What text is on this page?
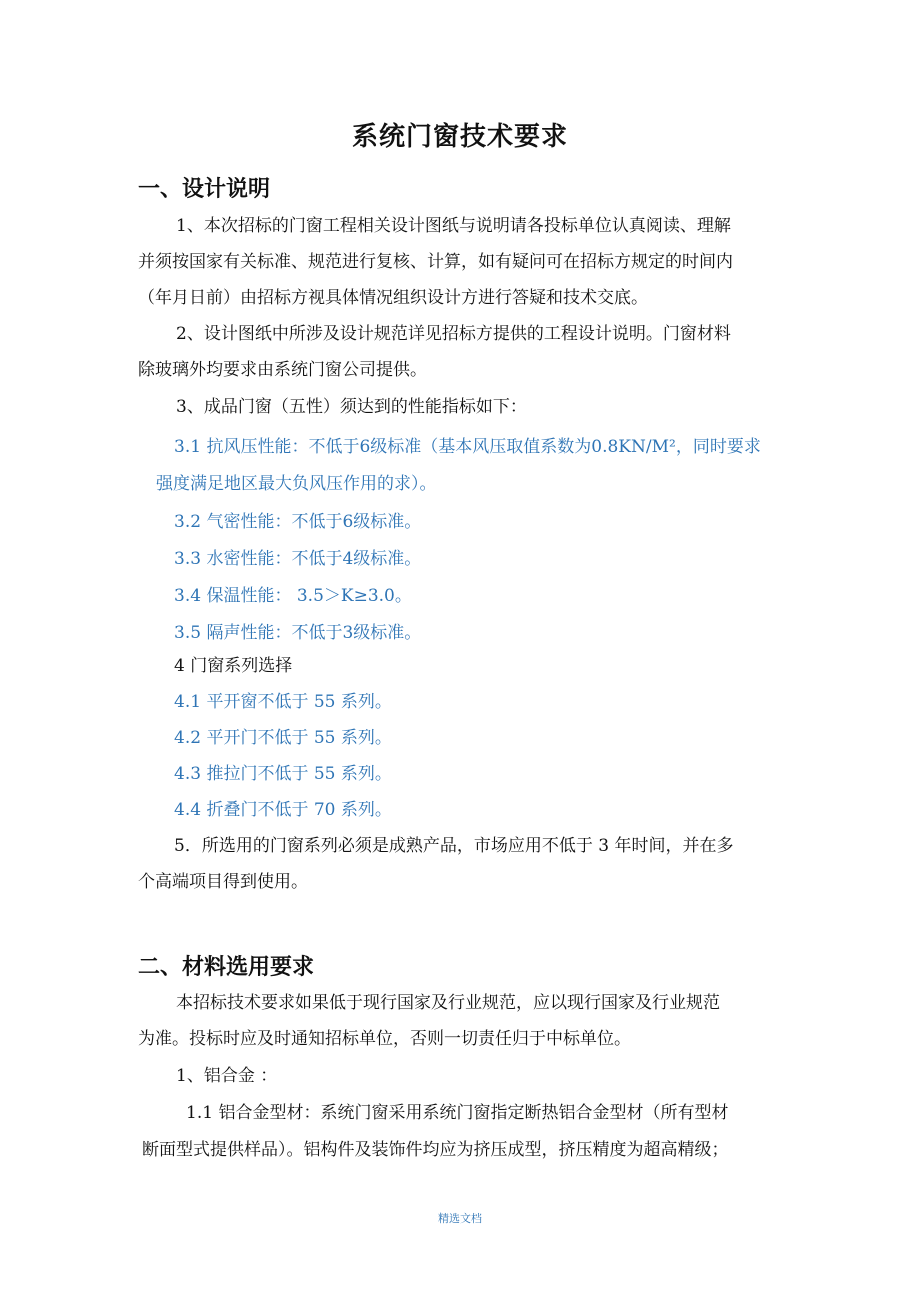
系统门窗技术要求
一、设计说明
1、本次招标的门窗工程相关设计图纸与说明请各投标单位认真阅读、理解
并须按国家有关标准、规范进行复核、计算，如有疑问可在招标方规定的时间内
（年月日前）由招标方视具体情况组织设计方进行答疑和技术交底。
2、设计图纸中所涉及设计规范详见招标方提供的工程设计说明。门窗材料
除玻璃外均要求由系统门窗公司提供。
3、成品门窗（五性）须达到的性能指标如下：
3.1 抗风压性能：不低于6级标准（基本风压取值系数为0.8KN/M²，同时要求
强度满足地区最大负风压作用的求）。
3.2 气密性能：不低于6级标准。
3.3 水密性能：不低于4级标准。
3.4 保温性能： 3.5＞K≥3.0。
3.5 隔声性能：不低于3级标准。
4 门窗系列选择
4.1 平开窗不低于 55 系列。
4.2 平开门不低于 55 系列。
4.3 推拉门不低于 55 系列。
4.4 折叠门不低于 70 系列。
5．所选用的门窗系列必须是成熟产品，市场应用不低于 3 年时间，并在多
个高端项目得到使用。
二、材料选用要求
本招标技术要求如果低于现行国家及行业规范，应以现行国家及行业规范
为准。投标时应及时通知招标单位，否则一切责任归于中标单位。
1、铝合金 ：
1.1 铝合金型材：系统门窗采用系统门窗指定断热铝合金型材（所有型材
断面型式提供样品）。铝构件及装饰件均应为挤压成型，挤压精度为超高精级；
精选文档
